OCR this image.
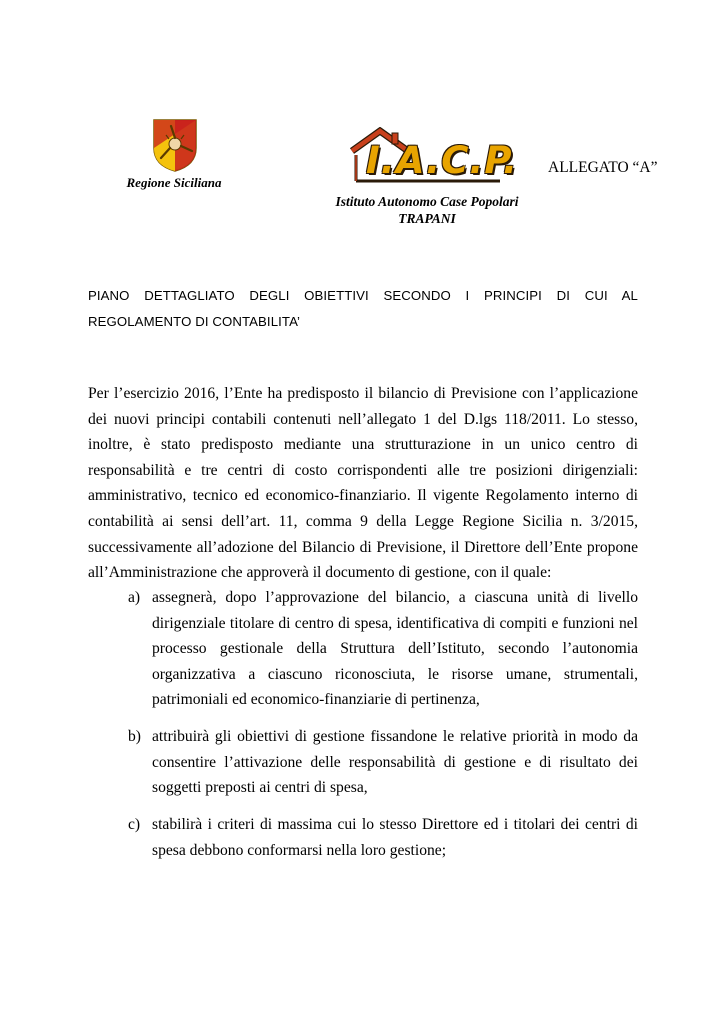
Regione Siciliana
I.A.C.P.
Istituto Autonomo Case Popolari
TRAPANI
ALLEGATO “A”
PIANO DETTAGLIATO DEGLI OBIETTIVI SECONDO I PRINCIPI DI CUI AL REGOLAMENTO DI CONTABILITA’
Per l’esercizio 2016, l’Ente ha predisposto il bilancio di Previsione con l’applicazione dei nuovi principi contabili contenuti nell’allegato 1 del D.lgs 118/2011. Lo stesso, inoltre, è stato predisposto mediante una strutturazione in un unico centro di responsabilità e tre centri di costo corrispondenti alle tre posizioni dirigenziali: amministrativo, tecnico ed economico-finanziario. Il vigente Regolamento interno di contabilità ai sensi dell’art. 11, comma 9 della Legge Regione Sicilia n. 3/2015, successivamente all’adozione del Bilancio di Previsione, il Direttore dell’Ente propone all’Amministrazione che approverà il documento di gestione, con il quale:
a) assegnerà, dopo l’approvazione del bilancio, a ciascuna unità di livello dirigenziale titolare di centro di spesa, identificativa di compiti e funzioni nel processo gestionale della Struttura dell’Istituto, secondo l’autonomia organizzativa a ciascuno riconosciuta, le risorse umane, strumentali, patrimoniali ed economico-finanziarie di pertinenza,
b) attribuirà gli obiettivi di gestione fissandone le relative priorità in modo da consentire l’attivazione delle responsabilità di gestione e di risultato dei soggetti preposti ai centri di spesa,
c) stabilirà i criteri di massima cui lo stesso Direttore ed i titolari dei centri di spesa debbono conformarsi nella loro gestione;
